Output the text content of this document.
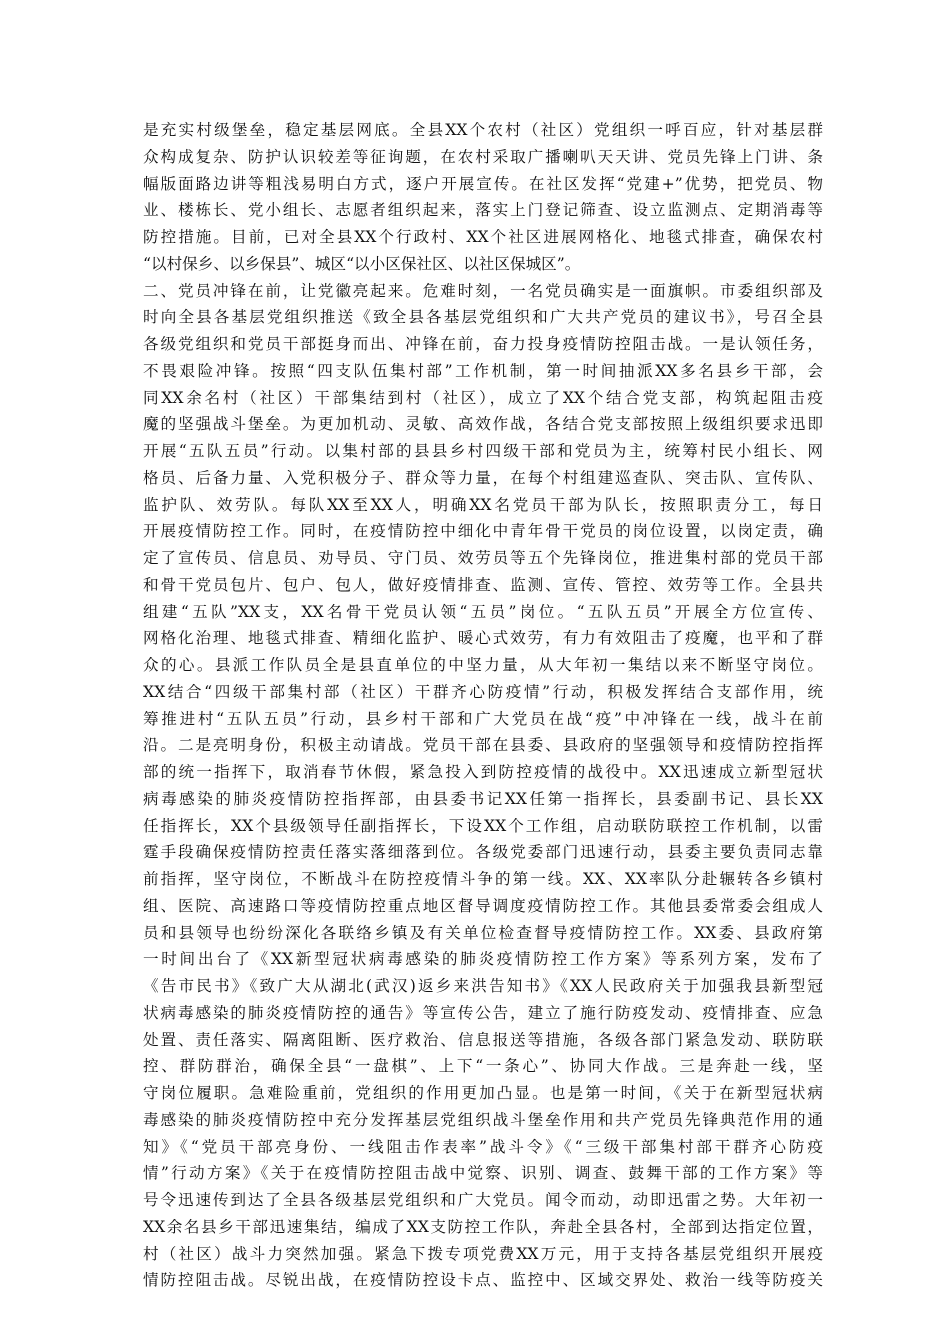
是充实村级堡垒，稳定基层网底。全县XX个农村（社区）党组织一呼百应，针对基层群
众构成复杂、防护认识较差等征询题，在农村采取广播喇叭天天讲、党员先锋上门讲、条
幅版面路边讲等粗浅易明白方式，逐户开展宣传。在社区发挥“党建+”优势，把党员、物
业、楼栋长、党小组长、志愿者组织起来，落实上门登记筛查、设立监测点、定期消毒等
防控措施。目前，已对全县XX个行政村、XX个社区进展网格化、地毯式排查，确保农村
“以村保乡、以乡保县”、城区“以小区保社区、以社区保城区”。
二、党员冲锋在前，让党徽亮起来。危难时刻，一名党员确实是一面旗帜。市委组织部及
时向全县各基层党组织推送《致全县各基层党组织和广大共产党员的建议书》，号召全县
各级党组织和党员干部挺身而出、冲锋在前，奋力投身疫情防控阻击战。一是认领任务，
不畏艰险冲锋。按照“四支队伍集村部”工作机制，第一时间抽派XX多名县乡干部，会
同XX余名村（社区）干部集结到村（社区），成立了XX个结合党支部，构筑起阻击疫
魔的坚强战斗堡垒。为更加机动、灵敏、高效作战，各结合党支部按照上级组织要求迅即
开展“五队五员”行动。以集村部的县县乡村四级干部和党员为主，统筹村民小组长、网
格员、后备力量、入党积极分子、群众等力量，在每个村组建巡查队、突击队、宣传队、
监护队、效劳队。每队XX至XX人，明确XX名党员干部为队长，按照职责分工，每日
开展疫情防控工作。同时，在疫情防控中细化中青年骨干党员的岗位设置，以岗定责，确
定了宣传员、信息员、劝导员、守门员、效劳员等五个先锋岗位，推进集村部的党员干部
和骨干党员包片、包户、包人，做好疫情排查、监测、宣传、管控、效劳等工作。全县共
组建“五队”XX支，XX名骨干党员认领“五员”岗位。“五队五员”开展全方位宣传、
网格化治理、地毯式排查、精细化监护、暖心式效劳，有力有效阻击了疫魔，也平和了群
众的心。县派工作队员全是县直单位的中坚力量，从大年初一集结以来不断坚守岗位。
XX结合“四级干部集村部（社区）干群齐心防疫情”行动，积极发挥结合支部作用，统
筹推进村“五队五员”行动，县乡村干部和广大党员在战“疫”中冲锋在一线，战斗在前
沿。二是亮明身份，积极主动请战。党员干部在县委、县政府的坚强领导和疫情防控指挥
部的统一指挥下，取消春节休假，紧急投入到防控疫情的战役中。XX迅速成立新型冠状
病毒感染的肺炎疫情防控指挥部，由县委书记XX任第一指挥长，县委副书记、县长XX
任指挥长，XX个县级领导任副指挥长，下设XX个工作组，启动联防联控工作机制，以雷
霆手段确保疫情防控责任落实落细落到位。各级党委部门迅速行动，县委主要负责同志靠
前指挥，坚守岗位，不断战斗在防控疫情斗争的第一线。XX、XX率队分赴辗转各乡镇村
组、医院、高速路口等疫情防控重点地区督导调度疫情防控工作。其他县委常委会组成人
员和县领导也纷纷深化各联络乡镇及有关单位检查督导疫情防控工作。XX委、县政府第
一时间出台了《XX新型冠状病毒感染的肺炎疫情防控工作方案》等系列方案，发布了
《告市民书》《致广大从湖北(武汉)返乡来洪告知书》《XX人民政府关于加强我县新型冠
状病毒感染的肺炎疫情防控的通告》等宣传公告，建立了施行防疫发动、疫情排查、应急
处置、责任落实、隔离阻断、医疗救治、信息报送等措施，各级各部门紧急发动、联防联
控、群防群治，确保全县“一盘棋”、上下“一条心”、协同大作战。三是奔赴一线，坚
守岗位履职。急难险重前，党组织的作用更加凸显。也是第一时间，《关于在新型冠状病
毒感染的肺炎疫情防控中充分发挥基层党组织战斗堡垒作用和共产党员先锋典范作用的通
知》《“党员干部亮身份、一线阻击作表率”战斗令》《“三级干部集村部干群齐心防疫
情”行动方案》《关于在疫情防控阻击战中觉察、识别、调查、鼓舞干部的工作方案》等
号令迅速传到达了全县各级基层党组织和广大党员。闻令而动，动即迅雷之势。大年初一
XX余名县乡干部迅速集结，编成了XX支防控工作队，奔赴全县各村，全部到达指定位置，
村（社区）战斗力突然加强。紧急下拨专项党费XX万元，用于支持各基层党组织开展疫
情防控阻击战。尽锐出战，在疫情防控设卡点、监控中、区域交界处、救治一线等防疫关
